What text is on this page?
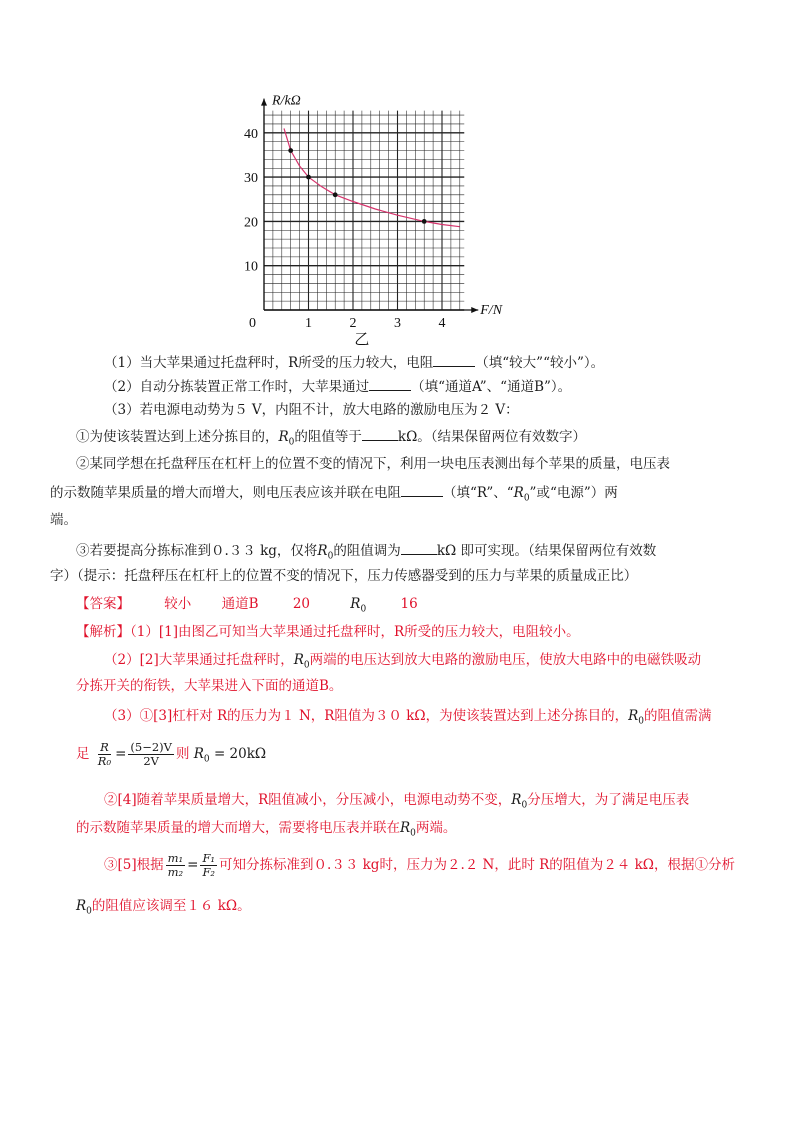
1	2	3	4
10
20
30
40
0
R/kΩ
F/N
乙
（1）当大苹果通过托盘秤时，R所受的压力较大，电阻	（填“较大”“较小”）。
（2）自动分拣装置正常工作时，大苹果通过	（填“通道A”、“通道B”）。
（3）若电源电动势为５ V，内阻不计，放大电路的激励电压为２ V：
①为使该装置达到上述分拣目的，$R_0$的阻值等于	kΩ。（结果保留两位有效数字）
②某同学想在托盘秤压在杠杆上的位置不变的情况下，利用一块电压表测出每个苹果的质量，电压表
的示数随苹果质量的增大而增大，则电压表应该并联在电阻	（填“R”、“$R_0$”或“电源”）两
端。
③若要提高分拣标准到０.３３ kg，仅将$R_0$的阻值调为	kΩ 即可实现。（结果保留两位有效数
字）（提示：托盘秤压在杠杆上的位置不变的情况下，压力传感器受到的压力与苹果的质量成正比）
【答案】	较小 通道B	20	$R_0$	16
【解析】（1）[1]由图乙可知当大苹果通过托盘秤时，R所受的压力较大，电阻较小。
（2）[2]大苹果通过托盘秤时，$R_0$两端的电压达到放大电路的激励电压，使放大电路中的电磁铁吸动
分拣开关的衔铁，大苹果进入下面的通道B。
（3）①[3]杠杆对 R的压力为１ N，R阻值为３０ kΩ，为使该装置达到上述分拣目的，$R_0$的阻值需满
足 $\frac{R}{\text{R₀}} = \frac{(5-2)V}{2V}$ 则 $R_0 = 20k\Omega$
②[4]随着苹果质量增大，R阻值减小，分压减小，电源电动势不变，$R_0$分压增大，为了满足电压表
的示数随苹果质量的增大而增大，需要将电压表并联在$R_0$两端。
③[5]根据 $\frac{\text{m₁}}{\text{m₂}} = \frac{\text{F₁}}{\text{F₂}}$ 可知分拣标准到０.３３ kg时，压力为２.２ N，此时 R的阻值为２４ kΩ，根据①分析
$R_0$的阻值应该调至１６ kΩ。
